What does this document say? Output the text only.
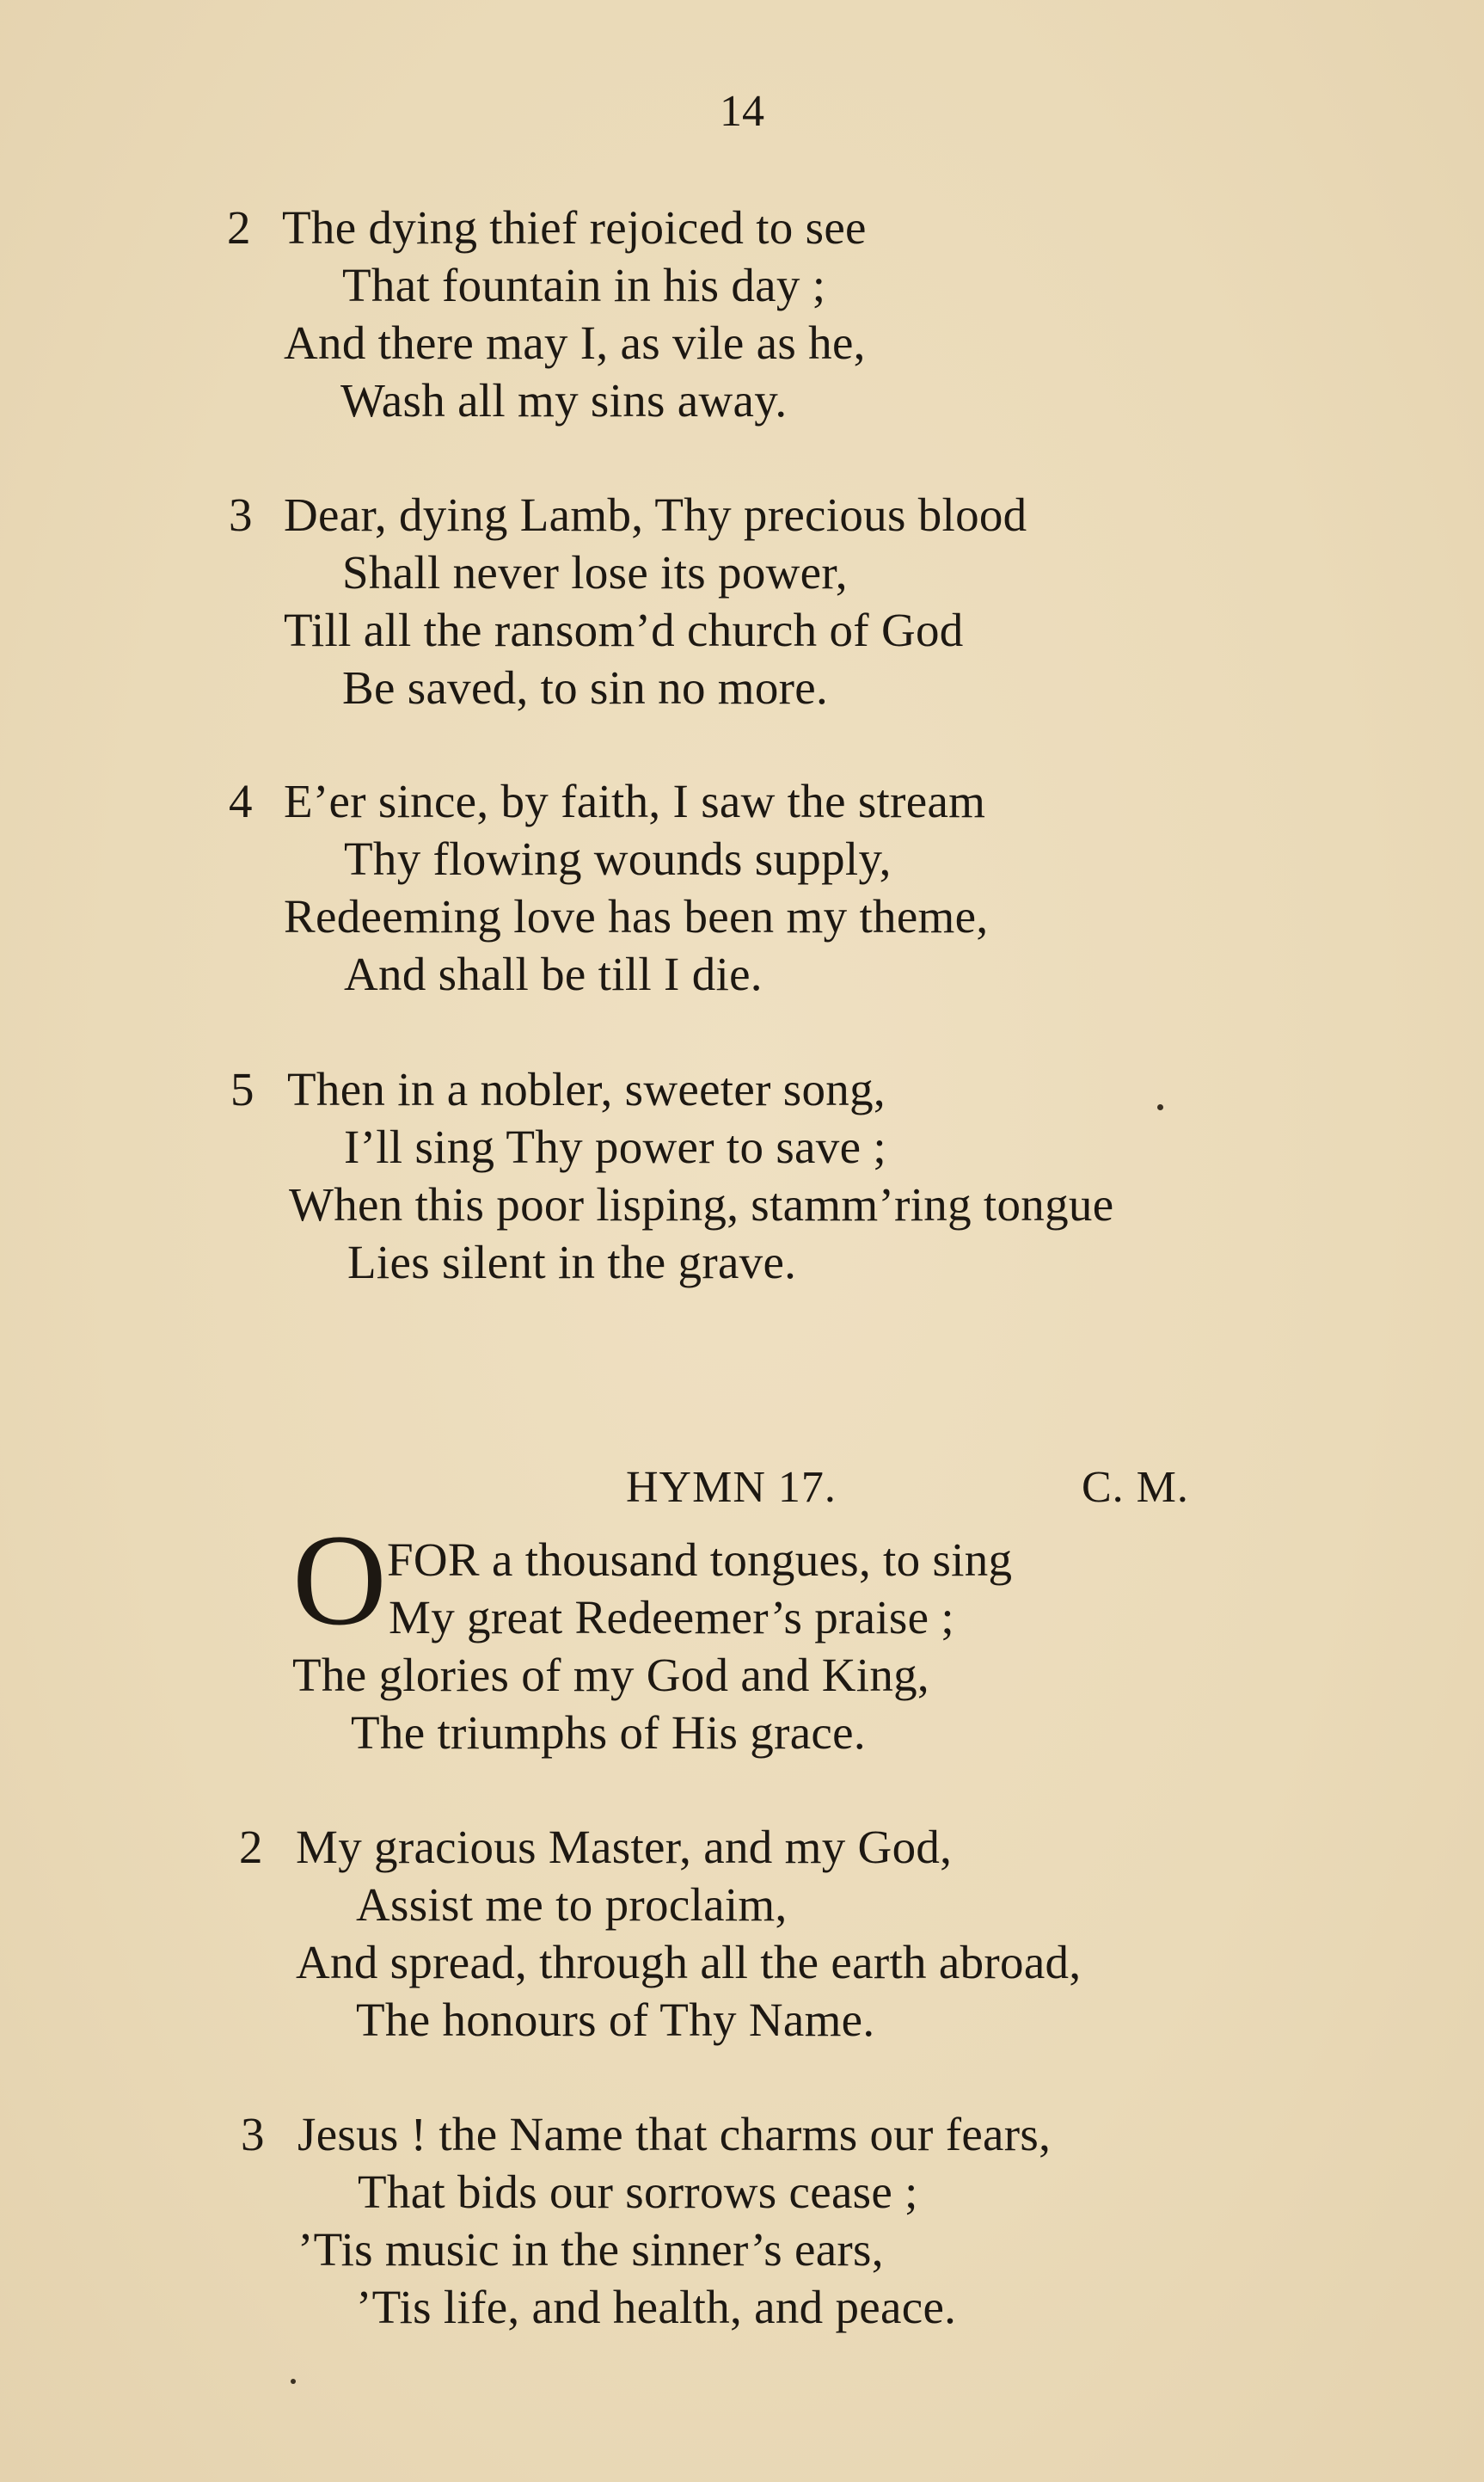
14
2 The dying thief rejoiced to see
That fountain in his day ;
And there may I, as vile as he,
Wash all my sins away.
3 Dear, dying Lamb, Thy precious blood
Shall never lose its power,
Till all the ransom’d church of God
Be saved, to sin no more.
4 E’er since, by faith, I saw the stream
Thy flowing wounds supply,
Redeeming love has been my theme,
And shall be till I die.
5 Then in a nobler, sweeter song,
I’ll sing Thy power to save ;
When this poor lisping, stamm’ring tongue
Lies silent in the grave.
HYMN 17.	C. M.
O FOR a thousand tongues, to sing
My great Redeemer’s praise ;
The glories of my God and King,
The triumphs of His grace.
2 My gracious Master, and my God,
Assist me to proclaim,
And spread, through all the earth abroad,
The honours of Thy Name.
3 Jesus ! the Name that charms our fears,
That bids our sorrows cease ;
’Tis music in the sinner’s ears,
’Tis life, and health, and peace.
